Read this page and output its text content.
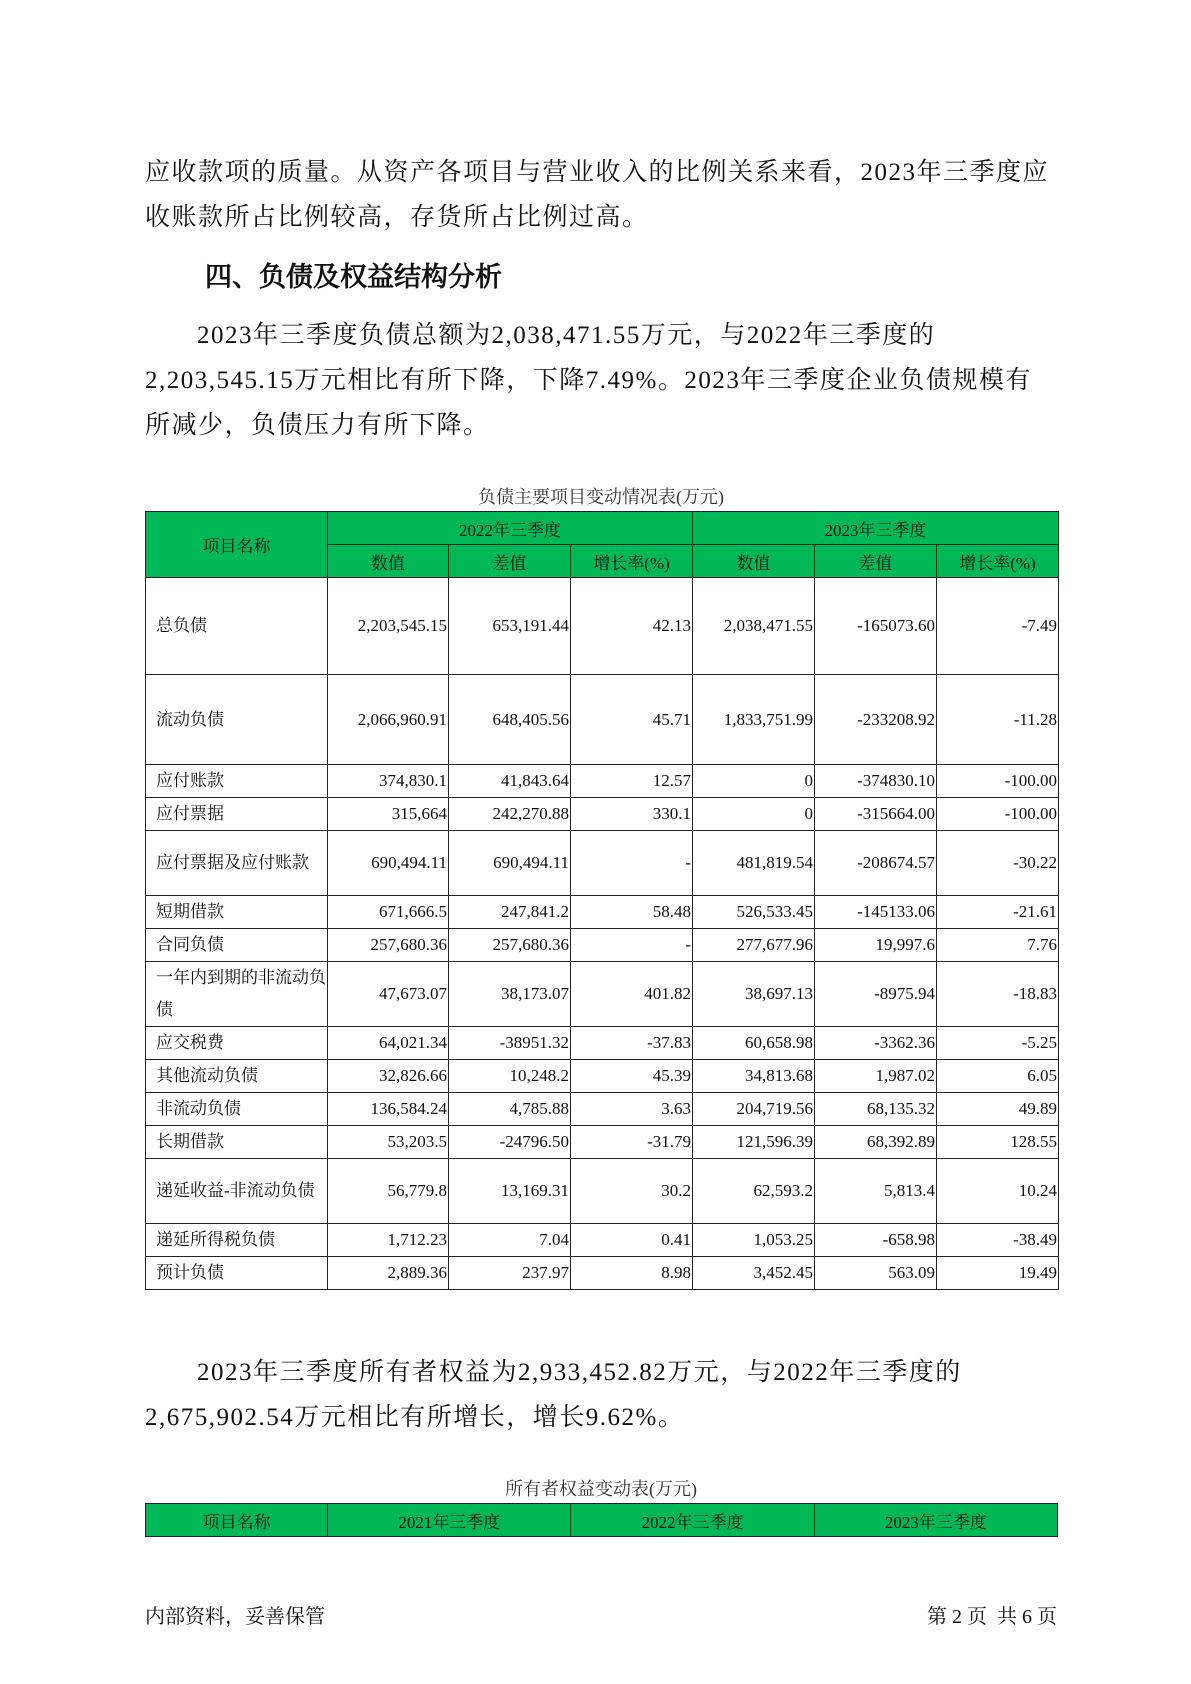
应收款项的质量。从资产各项目与营业收入的比例关系来看，2023年三季度应收账款所占比例较高，存货所占比例过高。

四、负债及权益结构分析

2023年三季度负债总额为2,038,471.55万元，与2022年三季度的2,203,545.15万元相比有所下降，下降7.49%。2023年三季度企业负债规模有所减少，负债压力有所下降。

负债主要项目变动情况表(万元)
项目名称	2022年三季度			2023年三季度		
	数值	差值	增长率(%)	数值	差值	增长率(%)
总负债	2,203,545.15	653,191.44	42.13	2,038,471.55	-165073.60	-7.49
流动负债	2,066,960.91	648,405.56	45.71	1,833,751.99	-233208.92	-11.28
应付账款	374,830.1	41,843.64	12.57	0	-374830.10	-100.00
应付票据	315,664	242,270.88	330.1	0	-315664.00	-100.00
应付票据及应付账款	690,494.11	690,494.11	-	481,819.54	-208674.57	-30.22
短期借款	671,666.5	247,841.2	58.48	526,533.45	-145133.06	-21.61
合同负债	257,680.36	257,680.36	-	277,677.96	19,997.6	7.76
一年内到期的非流动负债	47,673.07	38,173.07	401.82	38,697.13	-8975.94	-18.83
应交税费	64,021.34	-38951.32	-37.83	60,658.98	-3362.36	-5.25
其他流动负债	32,826.66	10,248.2	45.39	34,813.68	1,987.02	6.05
非流动负债	136,584.24	4,785.88	3.63	204,719.56	68,135.32	49.89
长期借款	53,203.5	-24796.50	-31.79	121,596.39	68,392.89	128.55
递延收益-非流动负债	56,779.8	13,169.31	30.2	62,593.2	5,813.4	10.24
递延所得税负债	1,712.23	7.04	0.41	1,053.25	-658.98	-38.49
预计负债	2,889.36	237.97	8.98	3,452.45	563.09	19.49

2023年三季度所有者权益为2,933,452.82万元，与2022年三季度的2,675,902.54万元相比有所增长，增长9.62%。

所有者权益变动表(万元)
项目名称	2021年三季度	2022年三季度	2023年三季度
内部资料，妥善保管	第 2 页  共 6 页
